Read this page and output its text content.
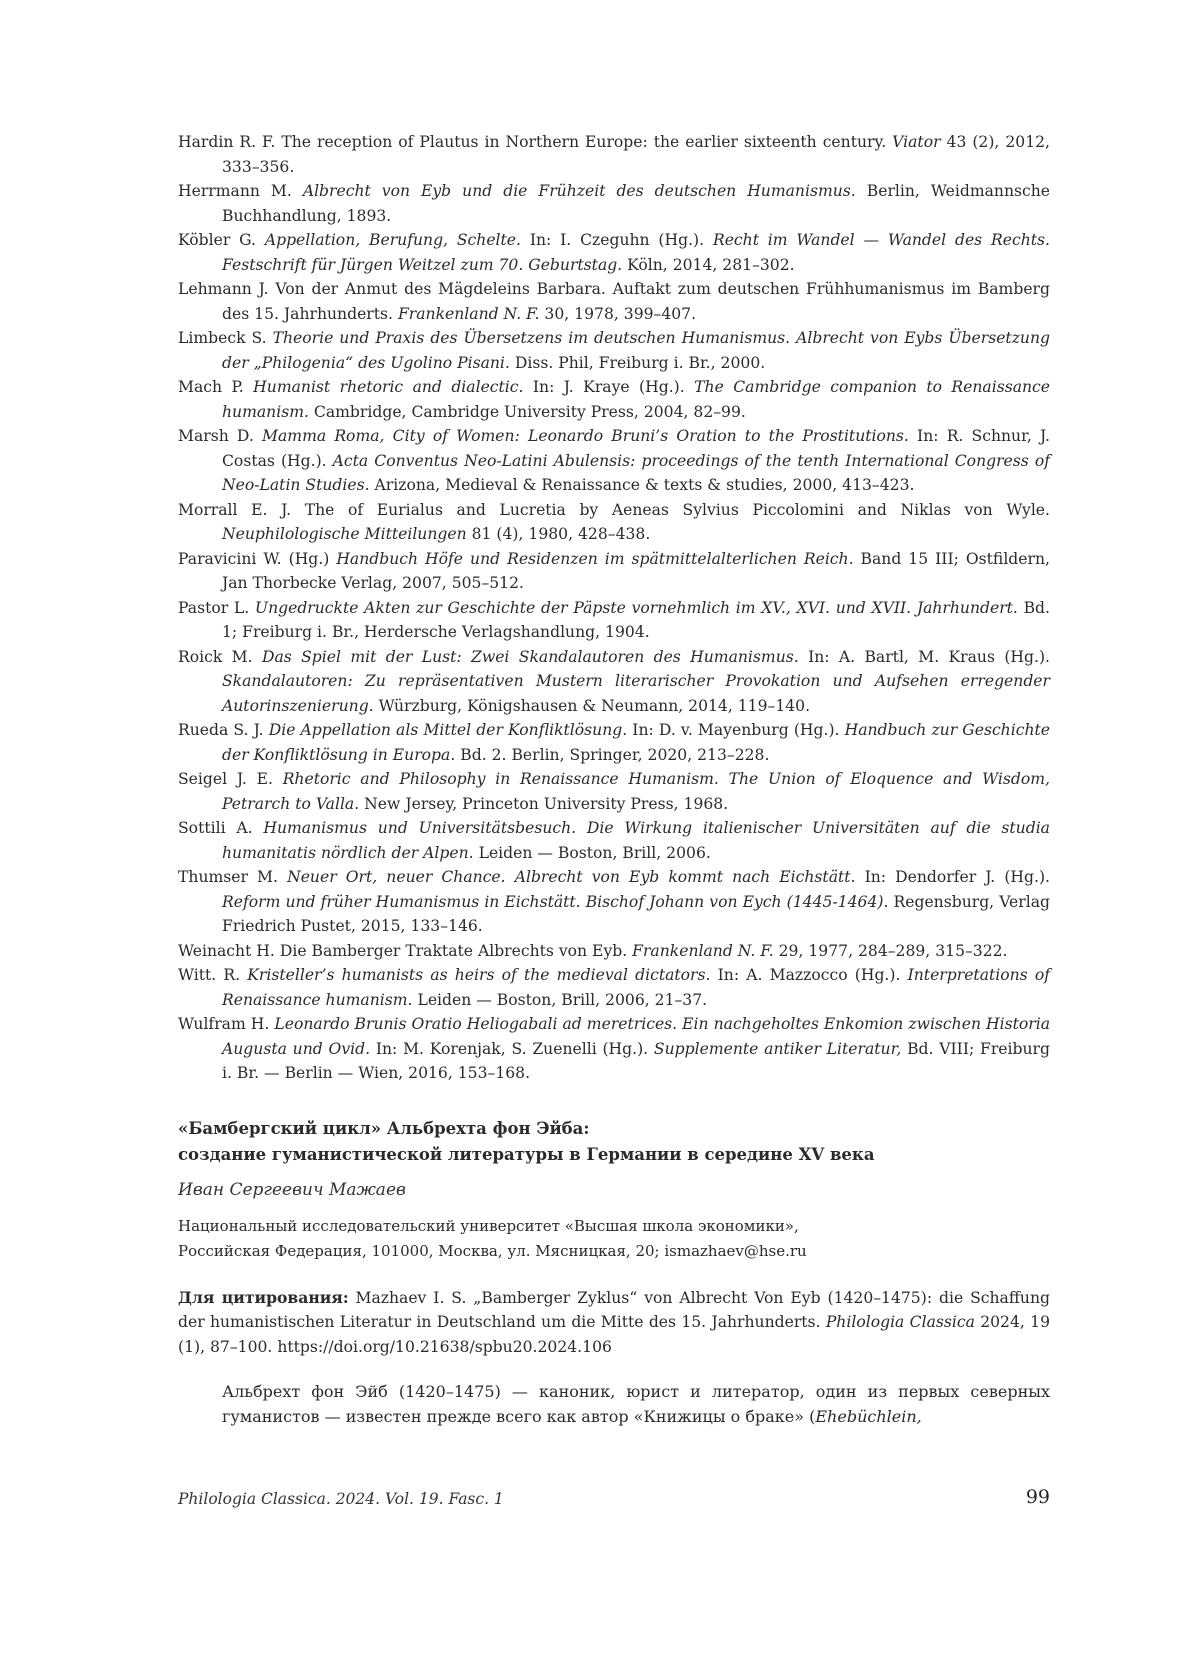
Hardin R. F. The reception of Plautus in Northern Europe: the earlier sixteenth century. Viator 43 (2), 2012, 333–356.
Herrmann M. Albrecht von Eyb und die Frühzeit des deutschen Humanismus. Berlin, Weidmannsche Buchhandlung, 1893.
Köbler G. Appellation, Berufung, Schelte. In: I. Czeguhn (Hg.). Recht im Wandel — Wandel des Rechts. Festschrift für Jürgen Weitzel zum 70. Geburtstag. Köln, 2014, 281–302.
Lehmann J. Von der Anmut des Mägdeleins Barbara. Auftakt zum deutschen Frühhumanismus im Bamberg des 15. Jahrhunderts. Frankenland N. F. 30, 1978, 399–407.
Limbeck S. Theorie und Praxis des Übersetzens im deutschen Humanismus. Albrecht von Eybs Übersetzung der „Philogenia“ des Ugolino Pisani. Diss. Phil, Freiburg i. Br., 2000.
Mach P. Humanist rhetoric and dialectic. In: J. Kraye (Hg.). The Cambridge companion to Renaissance humanism. Cambridge, Cambridge University Press, 2004, 82–99.
Marsh D. Mamma Roma, City of Women: Leonardo Bruni’s Oration to the Prostitutions. In: R. Schnur, J. Costas (Hg.). Acta Conventus Neo-Latini Abulensis: proceedings of the tenth International Congress of Neo-Latin Studies. Arizona, Medieval & Renaissance & texts & studies, 2000, 413–423.
Morrall E. J. The of Eurialus and Lucretia by Aeneas Sylvius Piccolomini and Niklas von Wyle. Neuphilologische Mitteilungen 81 (4), 1980, 428–438.
Paravicini W. (Hg.) Handbuch Höfe und Residenzen im spätmittelalterlichen Reich. Band 15 III; Ostfildern, Jan Thorbecke Verlag, 2007, 505–512.
Pastor L. Ungedruckte Akten zur Geschichte der Päpste vornehmlich im XV., XVI. und XVII. Jahrhundert. Bd. 1; Freiburg i. Br., Herdersche Verlagshandlung, 1904.
Roick M. Das Spiel mit der Lust: Zwei Skandalautoren des Humanismus. In: A. Bartl, M. Kraus (Hg.). Skandalautoren: Zu repräsentativen Mustern literarischer Provokation und Aufsehen erregender Autorinszenierung. Würzburg, Königshausen & Neumann, 2014, 119–140.
Rueda S. J. Die Appellation als Mittel der Konfliktlösung. In: D. v. Mayenburg (Hg.). Handbuch zur Geschichte der Konfliktlösung in Europa. Bd. 2. Berlin, Springer, 2020, 213–228.
Seigel J. E. Rhetoric and Philosophy in Renaissance Humanism. The Union of Eloquence and Wisdom, Petrarch to Valla. New Jersey, Princeton University Press, 1968.
Sottili A. Humanismus und Universitätsbesuch. Die Wirkung italienischer Universitäten auf die studia humanitatis nördlich der Alpen. Leiden — Boston, Brill, 2006.
Thumser M. Neuer Ort, neuer Chance. Albrecht von Eyb kommt nach Eichstätt. In: Dendorfer J. (Hg.). Reform und früher Humanismus in Eichstätt. Bischof Johann von Eych (1445-1464). Regensburg, Verlag Friedrich Pustet, 2015, 133–146.
Weinacht H. Die Bamberger Traktate Albrechts von Eyb. Frankenland N. F. 29, 1977, 284–289, 315–322.
Witt. R. Kristeller’s humanists as heirs of the medieval dictators. In: A. Mazzocco (Hg.). Interpretations of Renaissance humanism. Leiden — Boston, Brill, 2006, 21–37.
Wulfram H. Leonardo Brunis Oratio Heliogabali ad meretrices. Ein nachgeholtes Enkomion zwischen Historia Augusta und Ovid. In: M. Korenjak, S. Zuenelli (Hg.). Supplemente antiker Literatur, Bd. VIII; Freiburg i. Br. — Berlin — Wien, 2016, 153–168.

«Бамбергский цикл» Альбрехта фон Эйба:
создание гуманистической литературы в Германии в середине XV века

Иван Сергеевич Мажаев

Национальный исследовательский университет «Высшая школа экономики»,
Российская Федерация, 101000, Москва, ул. Мясницкая, 20; ismazhaev@hse.ru

Для цитирования: Mazhaev I. S. „Bamberger Zyklus“ von Albrecht Von Eyb (1420–1475): die Schaffung der humanistischen Literatur in Deutschland um die Mitte des 15. Jahrhunderts. Philologia Classica 2024, 19 (1), 87–100. https://doi.org/10.21638/spbu20.2024.106

Альбрехт фон Эйб (1420–1475) — каноник, юрист и литератор, один из первых северных гуманистов — известен прежде всего как автор «Книжицы о браке» (Ehebüchlein,

Philologia Classica. 2024. Vol. 19. Fasc. 1	99
